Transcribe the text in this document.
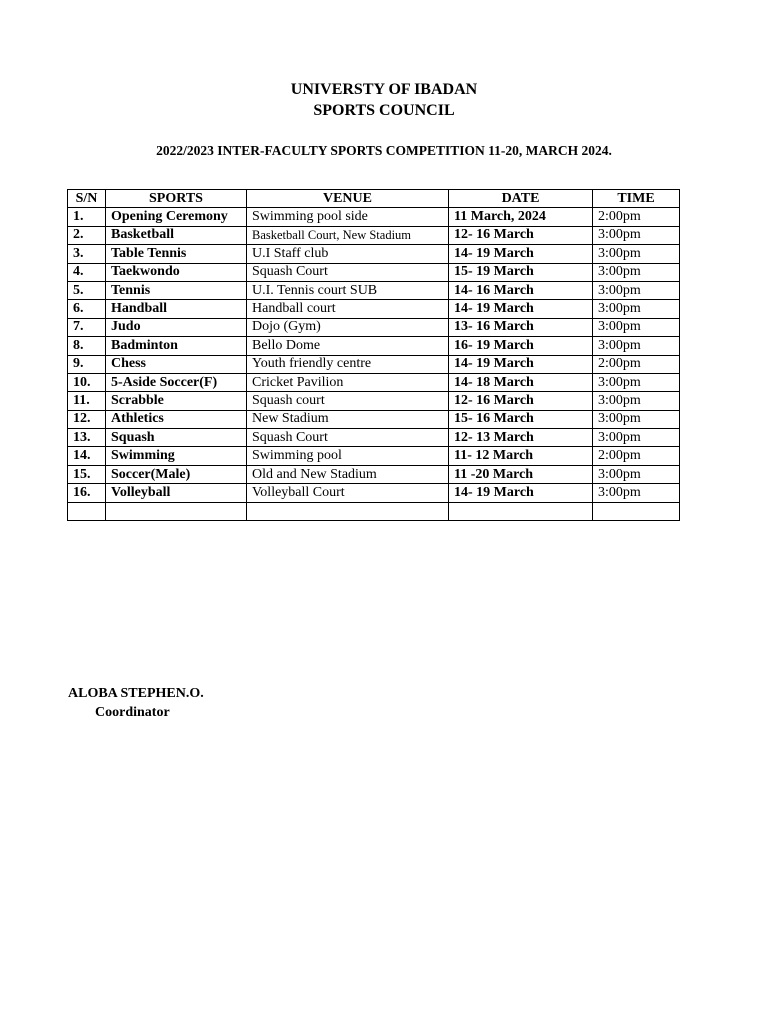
UNIVERSTY OF IBADAN
SPORTS COUNCIL
2022/2023 INTER-FACULTY SPORTS COMPETITION 11-20, MARCH 2024.
S/N	SPORTS	VENUE	DATE	TIME
1.	Opening Ceremony	Swimming pool side	11 March, 2024	2:00pm
2.	Basketball	Basketball Court, New Stadium	12- 16 March	3:00pm
3.	Table Tennis	U.I Staff club	14- 19 March	3:00pm
4.	Taekwondo	Squash Court	15- 19 March	3:00pm
5.	Tennis	U.I. Tennis court SUB	14- 16 March	3:00pm
6.	Handball	Handball court	14- 19 March	3:00pm
7.	Judo	Dojo (Gym)	13- 16 March	3:00pm
8.	Badminton	Bello Dome	16- 19 March	3:00pm
9.	Chess	Youth friendly centre	14- 19 March	2:00pm
10.	5-Aside Soccer(F)	Cricket Pavilion	14- 18 March	3:00pm
11.	Scrabble	Squash court	12- 16 March	3:00pm
12.	Athletics	New Stadium	15- 16 March	3:00pm
13.	Squash	Squash Court	12- 13 March	3:00pm
14.	Swimming	Swimming pool	11- 12 March	2:00pm
15.	Soccer(Male)	Old and New Stadium	11 -20 March	3:00pm
16.	Volleyball	Volleyball Court	14- 19 March	3:00pm

ALOBA STEPHEN.O.
Coordinator
